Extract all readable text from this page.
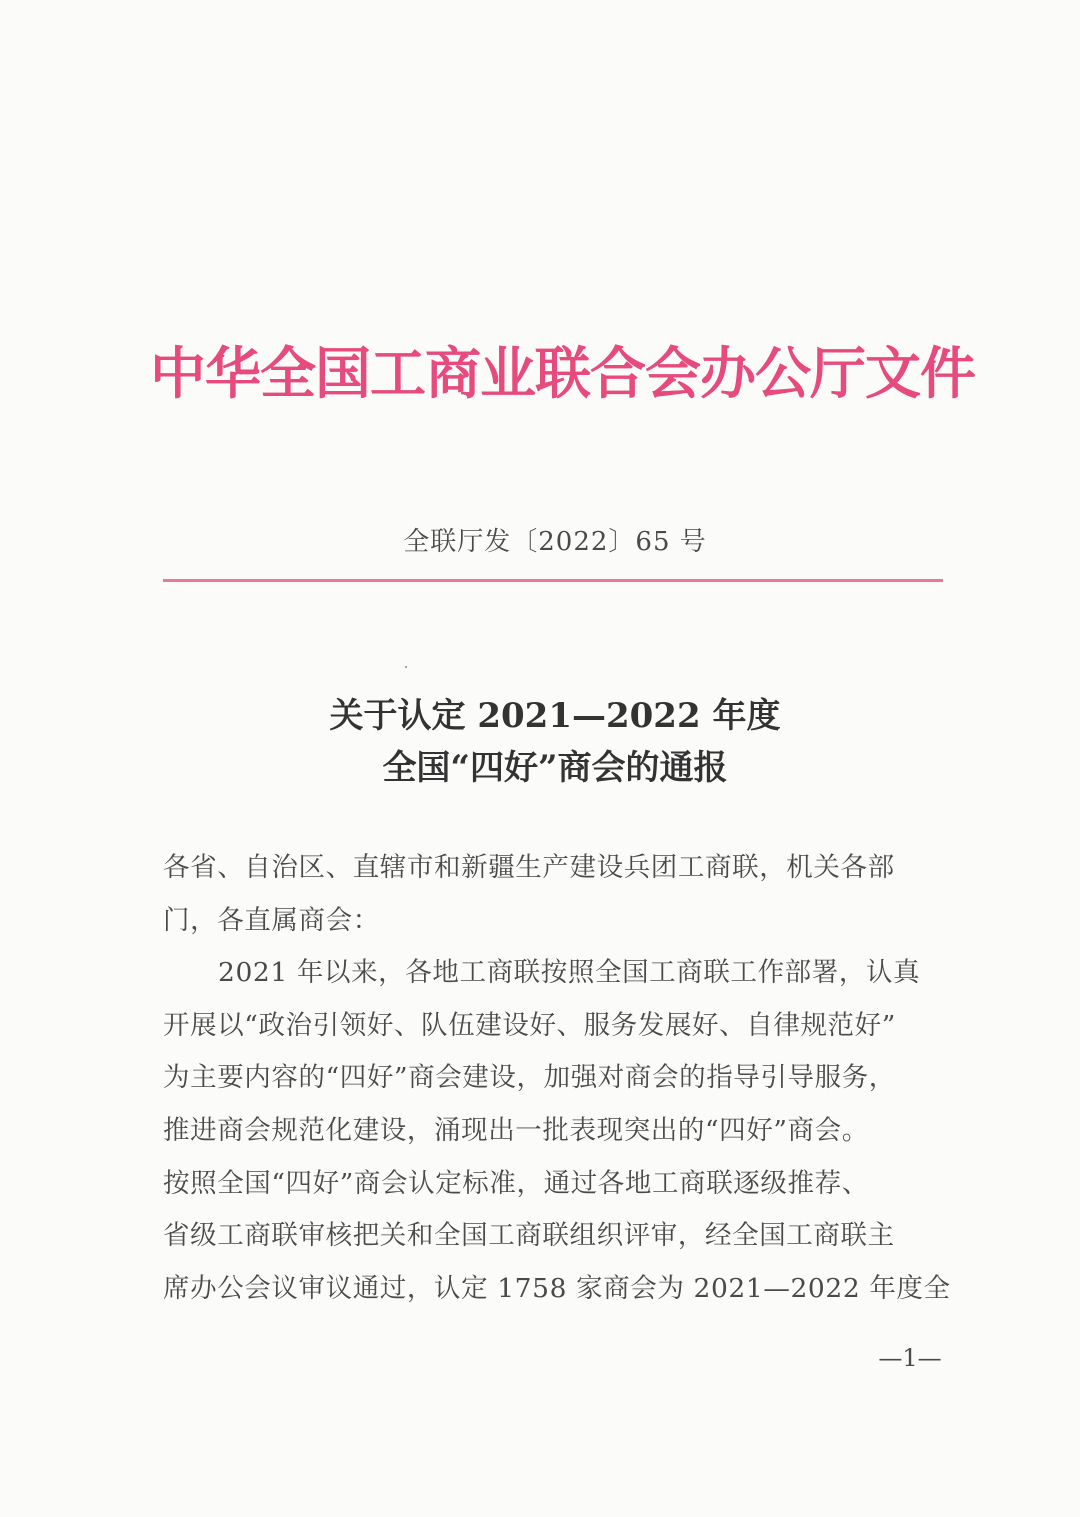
中华全国工商业联合会办公厅文件
全联厅发〔2022〕65 号
关于认定 2021—2022 年度
全国“四好”商会的通报
各省、自治区、直辖市和新疆生产建设兵团工商联，机关各部
门，各直属商会：
2021 年以来，各地工商联按照全国工商联工作部署，认真
开展以“政治引领好、队伍建设好、服务发展好、自律规范好”
为主要内容的“四好”商会建设，加强对商会的指导引导服务，
推进商会规范化建设，涌现出一批表现突出的“四好”商会。
按照全国“四好”商会认定标准，通过各地工商联逐级推荐、
省级工商联审核把关和全国工商联组织评审，经全国工商联主
席办公会议审议通过，认定 1758 家商会为 2021—2022 年度全
—1—
